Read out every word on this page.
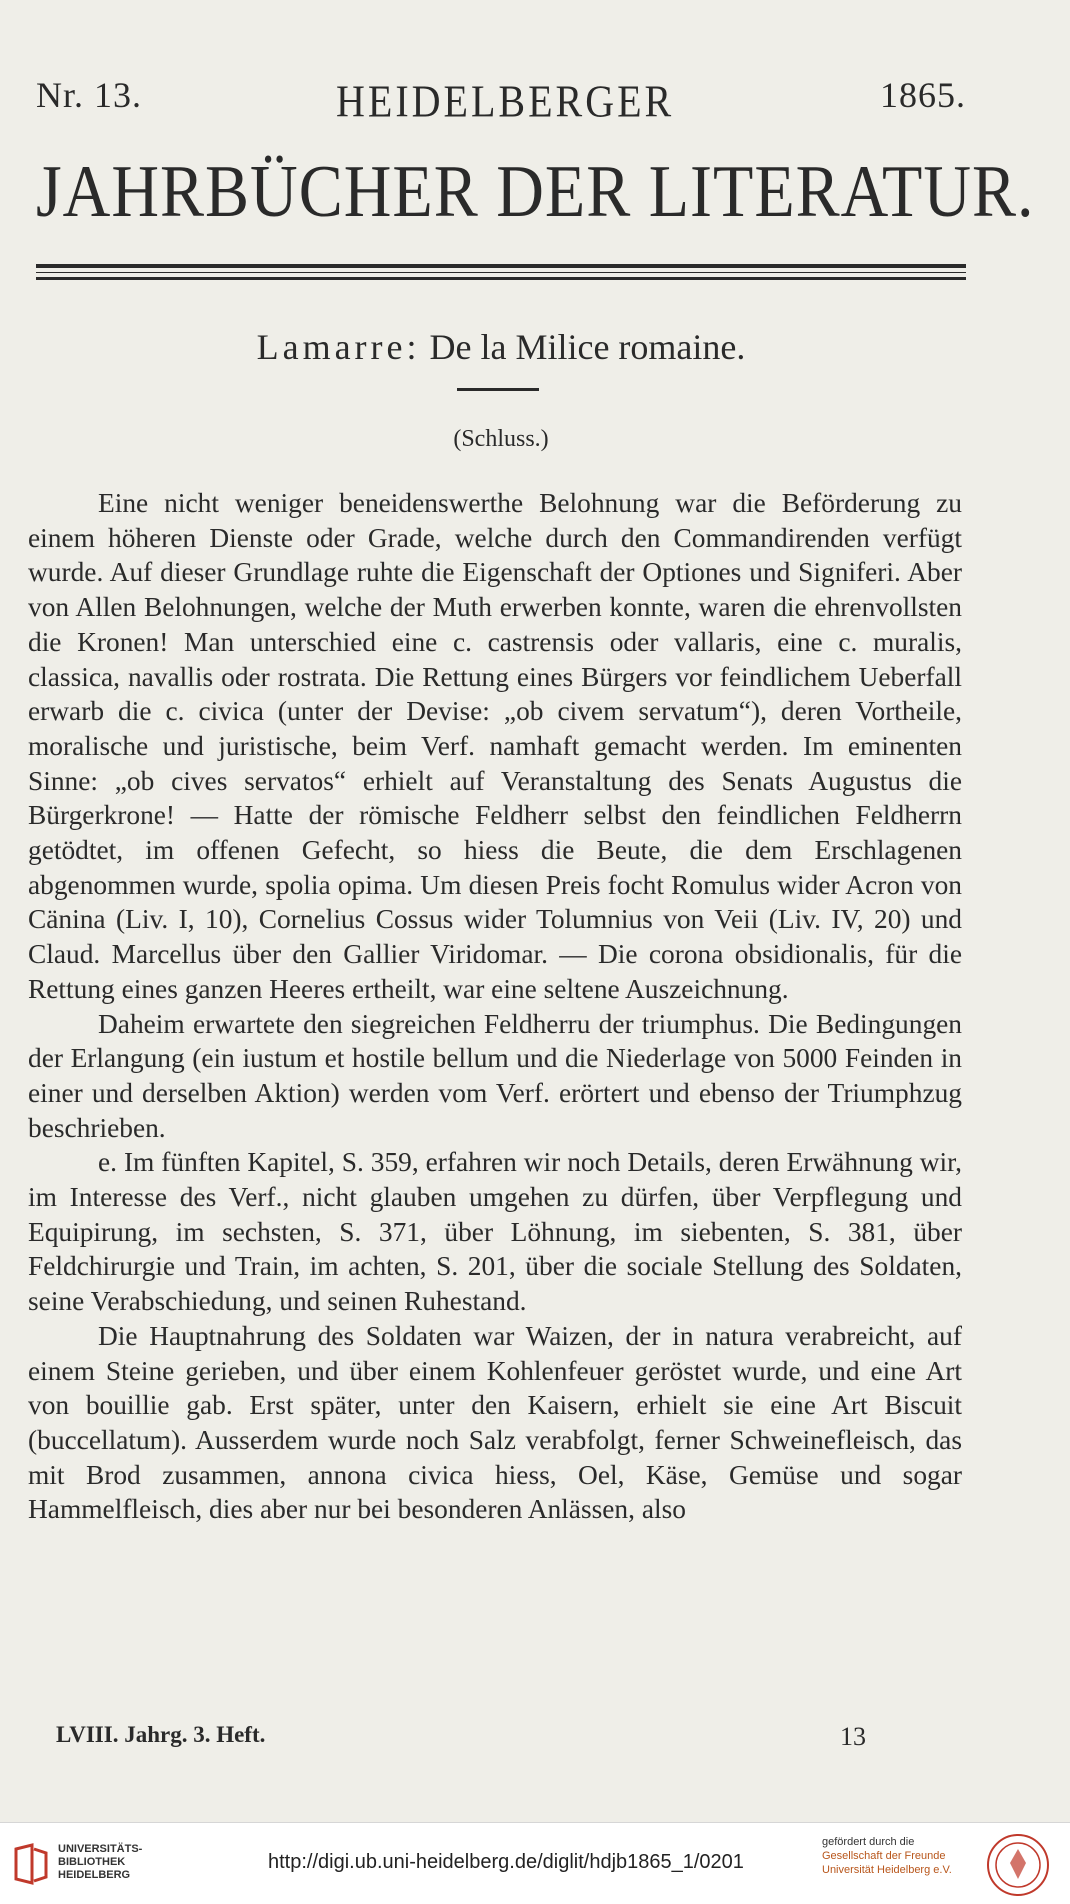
Nr. 13.	HEIDELBERGER	1865.
JAHRBÜCHER DER LITERATUR.
Lamarre: De la Milice romaine.
(Schluss.)

Eine nicht weniger beneidenswerthe Belohnung war die Beförderung zu einem höheren Dienste oder Grade, welche durch den Commandirenden verfügt wurde. Auf dieser Grundlage ruhte die Eigenschaft der Optiones und Signiferi. Aber von Allen Belohnungen, welche der Muth erwerben konnte, waren die ehrenvollsten die Kronen! Man unterschied eine c. castrensis oder vallaris, eine c. muralis, classica, navallis oder rostrata. Die Rettung eines Bürgers vor feindlichem Ueberfall erwarb die c. civica (unter der Devise: „ob civem servatum“), deren Vortheile, moralische und juristische, beim Verf. namhaft gemacht werden. Im eminenten Sinne: „ob cives servatos“ erhielt auf Veranstaltung des Senats Augustus die Bürgerkrone! — Hatte der römische Feldherr selbst den feindlichen Feldherrn getödtet, im offenen Gefecht, so hiess die Beute, die dem Erschlagenen abgenommen wurde, spolia opima. Um diesen Preis focht Romulus wider Acron von Cänina (Liv. I, 10), Cornelius Cossus wider Tolumnius von Veii (Liv. IV, 20) und Claud. Marcellus über den Gallier Viridomar. — Die corona obsidionalis, für die Rettung eines ganzen Heeres ertheilt, war eine seltene Auszeichnung.

Daheim erwartete den siegreichen Feldherru der triumphus. Die Bedingungen der Erlangung (ein iustum et hostile bellum und die Niederlage von 5000 Feinden in einer und derselben Aktion) werden vom Verf. erörtert und ebenso der Triumphzug beschrieben.

e. Im fünften Kapitel, S. 359, erfahren wir noch Details, deren Erwähnung wir, im Interesse des Verf., nicht glauben umgehen zu dürfen, über Verpflegung und Equipirung, im sechsten, S. 371, über Löhnung, im siebenten, S. 381, über Feldchirurgie und Train, im achten, S. 201, über die sociale Stellung des Soldaten, seine Verabschiedung, und seinen Ruhestand.

Die Hauptnahrung des Soldaten war Waizen, der in natura verabreicht, auf einem Steine gerieben, und über einem Kohlenfeuer geröstet wurde, und eine Art von bouillie gab. Erst später, unter den Kaisern, erhielt sie eine Art Biscuit (buccellatum). Ausserdem wurde noch Salz verabfolgt, ferner Schweinefleisch, das mit Brod zusammen, annona civica hiess, Oel, Käse, Gemüse und sogar Hammelfleisch, dies aber nur bei besonderen Anlässen, also

LVIII. Jahrg. 3. Heft.	13
UNIVERSITÄTS- BIBLIOTHEK HEIDELBERG
http://digi.ub.uni-heidelberg.de/diglit/hdjb1865_1/0201
gefördert durch die
Gesellschaft der Freunde Universität Heidelberg e.V.
